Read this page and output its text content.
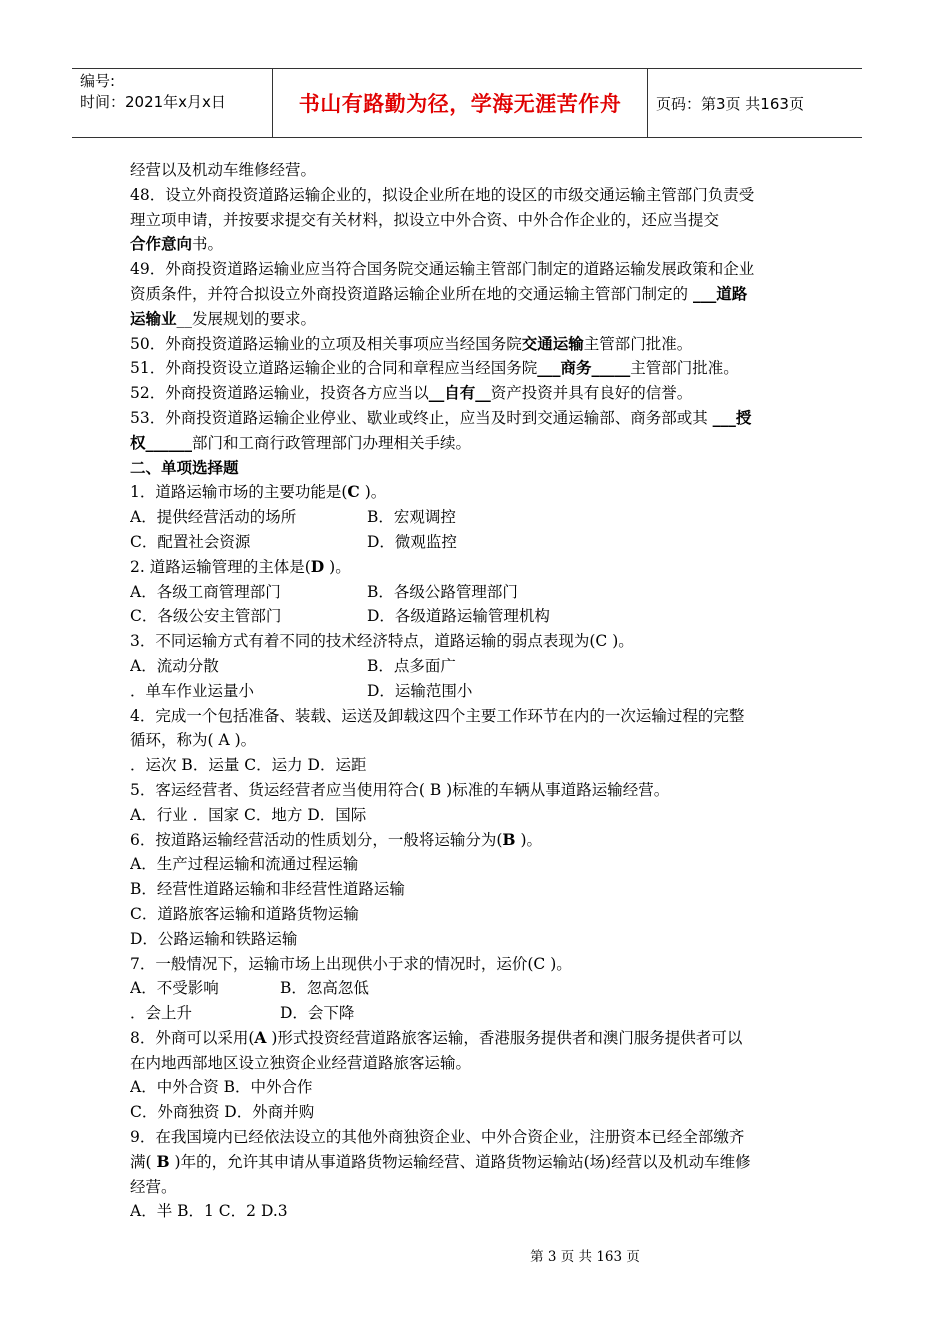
编号:
时间：2021年x月x日	书山有路勤为径，学海无涯苦作舟	页码：第3页 共163页
经营以及机动车维修经营。
48．设立外商投资道路运输企业的，拟设企业所在地的设区的市级交通运输主管部门负责受
理立项申请，并按要求提交有关材料，拟设立中外合资、中外合作企业的，还应当提交
合作意向书。
49．外商投资道路运输业应当符合国务院交通运输主管部门制定的道路运输发展政策和企业
资质条件，并符合拟设立外商投资道路运输企业所在地的交通运输主管部门制定的 ___道路
运输业__发展规划的要求。
50．外商投资道路运输业的立项及相关事项应当经国务院交通运输主管部门批准。
51．外商投资设立道路运输企业的合同和章程应当经国务院___商务_____主管部门批准。
52．外商投资道路运输业，投资各方应当以__自有__资产投资并具有良好的信誉。
53．外商投资道路运输企业停业、歇业或终止，应当及时到交通运输部、商务部或其 ___授
权______部门和工商行政管理部门办理相关手续。
二、单项选择题
1．道路运输市场的主要功能是(C )。
A．提供经营活动的场所	B．宏观调控
C．配置社会资源	D．微观监控
2. 道路运输管理的主体是(D )。
A．各级工商管理部门	B．各级公路管理部门
C．各级公安主管部门	D．各级道路运输管理机构
3．不同运输方式有着不同的技术经济特点，道路运输的弱点表现为(C )。
A．流动分散	B．点多面广
．单车作业运量小	D．运输范围小
4．完成一个包括准备、装载、运送及卸载这四个主要工作环节在内的一次运输过程的完整
循环，称为( A )。
．运次 B．运量 C．运力 D．运距
5．客运经营者、货运经营者应当使用符合( B )标准的车辆从事道路运输经营。
A．行业 ．国家 C．地方 D．国际
6．按道路运输经营活动的性质划分，一般将运输分为(B )。
A．生产过程运输和流通过程运输
B．经营性道路运输和非经营性道路运输
C．道路旅客运输和道路货物运输
D．公路运输和铁路运输
7．一般情况下，运输市场上出现供小于求的情况时，运价(C )。
A．不受影响	B．忽高忽低
．会上升	D．会下降
8．外商可以采用(A )形式投资经营道路旅客运输，香港服务提供者和澳门服务提供者可以
在内地西部地区设立独资企业经营道路旅客运输。
A．中外合资 B．中外合作
C．外商独资 D．外商并购
9．在我国境内已经依法设立的其他外商独资企业、中外合资企业，注册资本已经全部缴齐
满( B )年的，允许其申请从事道路货物运输经营、道路货物运输站(场)经营以及机动车维修
经营。
A．半 B．1 C．2 D.3
第 3 页 共 163 页
